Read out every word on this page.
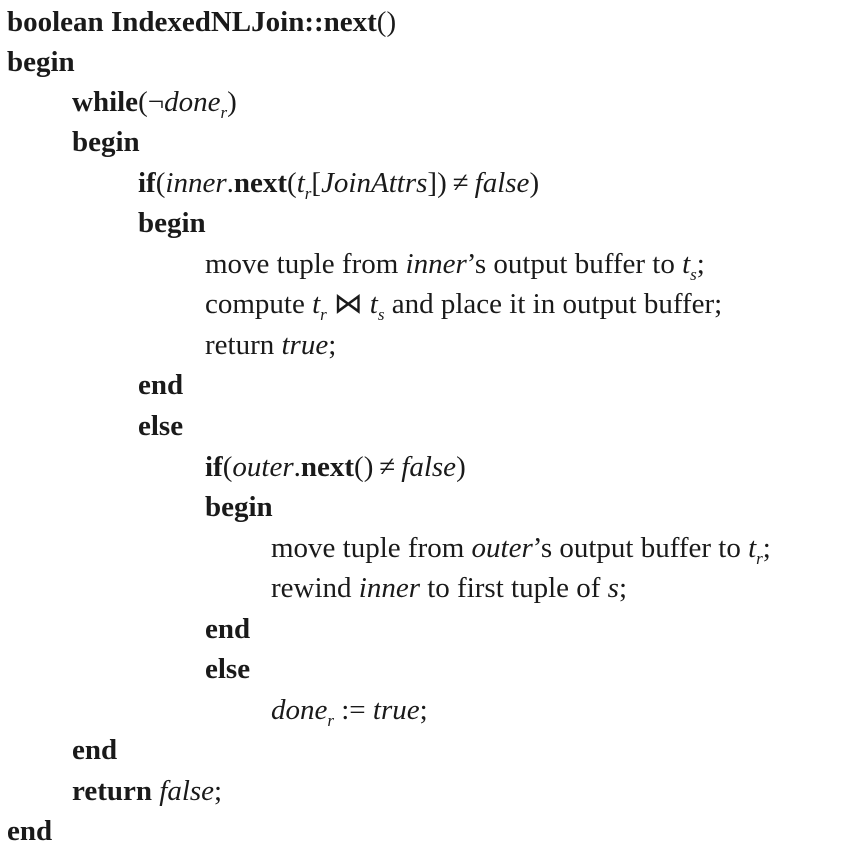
boolean IndexedNLJoin::next()
begin
while(¬done$_r$)
begin
$if(inner.next(t_r[JoinAttrs])$ ≠ false)
begin
move tuple from inner’s output buffer to $t_s$;
compute $t_r$ ⋈ $t_s$ and place it in output buffer;
return true;
end
else
if(outer.next() ≠ false)
begin
move tuple from outer’s output buffer to $t_r$;
rewind inner to first tuple of s;
end
else
done$_r$ := true;
end
return false;
end
